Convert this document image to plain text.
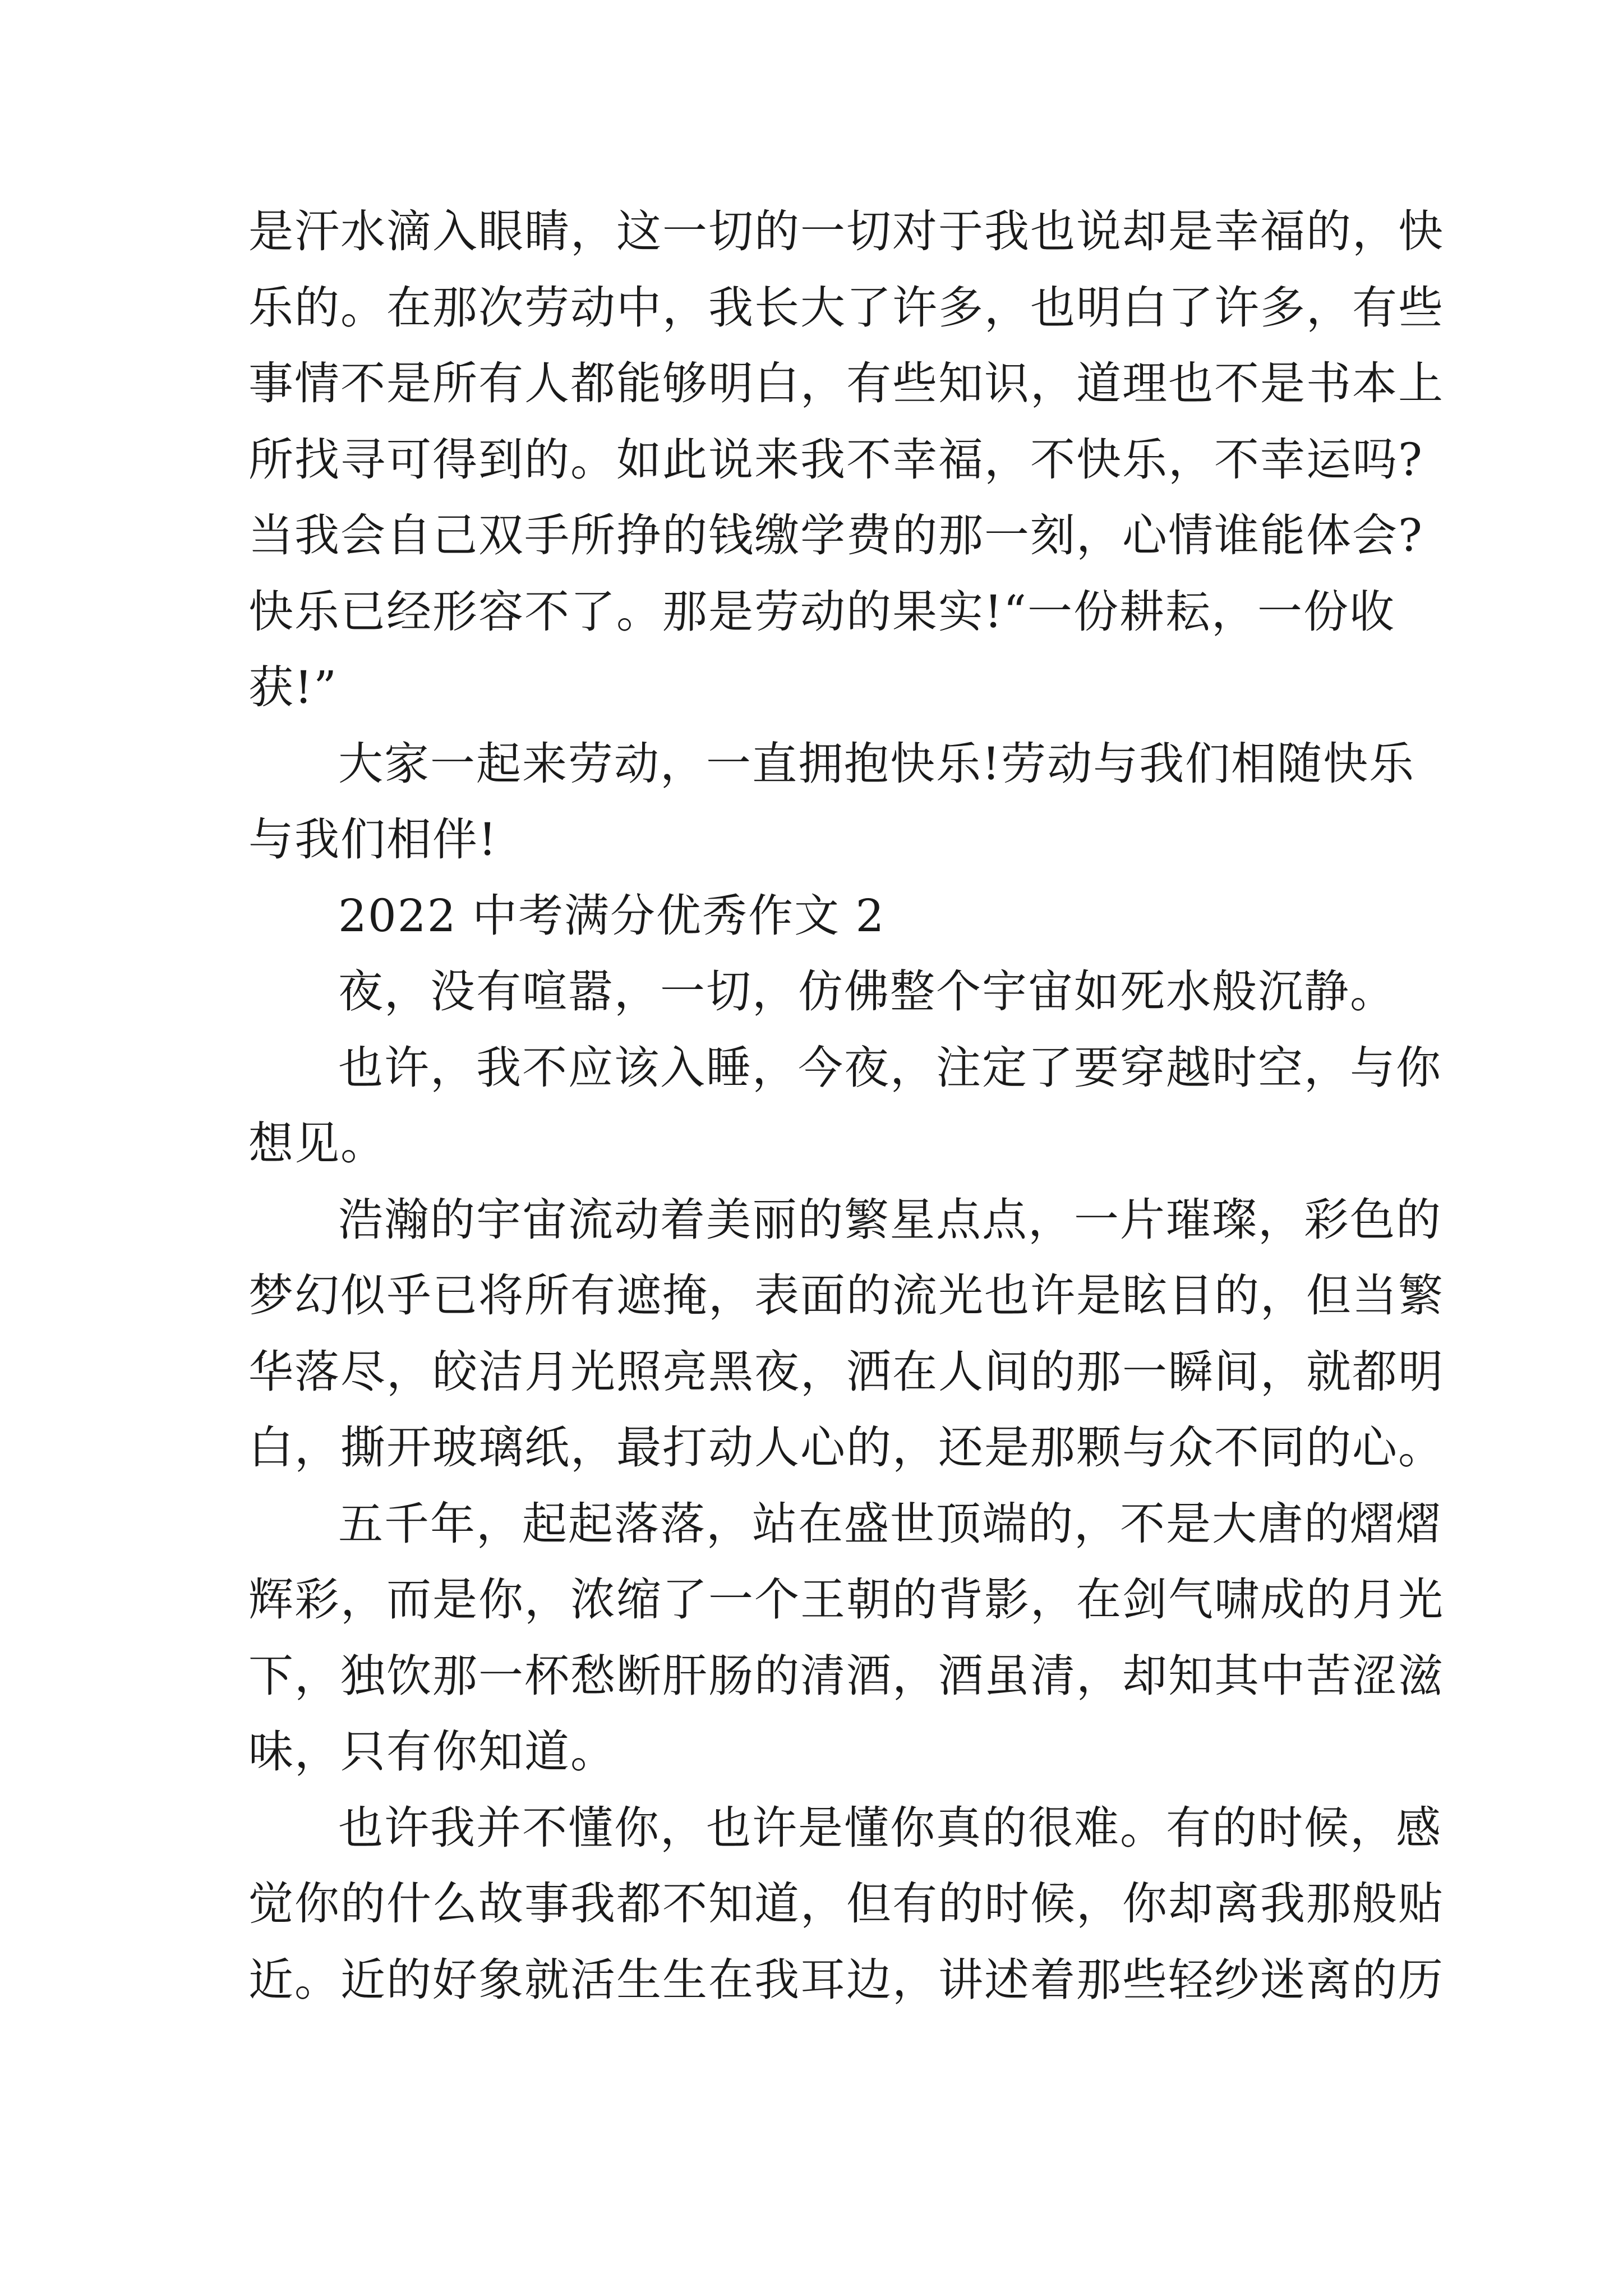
是汗水滴入眼睛，这一切的一切对于我也说却是幸福的，快
乐的。在那次劳动中，我长大了许多，也明白了许多，有些
事情不是所有人都能够明白，有些知识，道理也不是书本上
所找寻可得到的。如此说来我不幸福，不快乐，不幸运吗?
当我会自己双手所挣的钱缴学费的那一刻，心情谁能体会?
快乐已经形容不了。那是劳动的果实!“一份耕耘，一份收
获!”
大家一起来劳动，一直拥抱快乐!劳动与我们相随快乐
与我们相伴!
2022 中考满分优秀作文 2
夜，没有喧嚣，一切，仿佛整个宇宙如死水般沉静。
也许，我不应该入睡，今夜，注定了要穿越时空，与你
想见。
浩瀚的宇宙流动着美丽的繁星点点，一片璀璨，彩色的
梦幻似乎已将所有遮掩，表面的流光也许是眩目的，但当繁
华落尽，皎洁月光照亮黑夜，洒在人间的那一瞬间，就都明
白，撕开玻璃纸，最打动人心的，还是那颗与众不同的心。
五千年，起起落落，站在盛世顶端的，不是大唐的熠熠
辉彩，而是你，浓缩了一个王朝的背影，在剑气啸成的月光
下，独饮那一杯愁断肝肠的清酒，酒虽清，却知其中苦涩滋
味，只有你知道。
也许我并不懂你，也许是懂你真的很难。有的时候，感
觉你的什么故事我都不知道，但有的时候，你却离我那般贴
近。近的好象就活生生在我耳边，讲述着那些轻纱迷离的历
